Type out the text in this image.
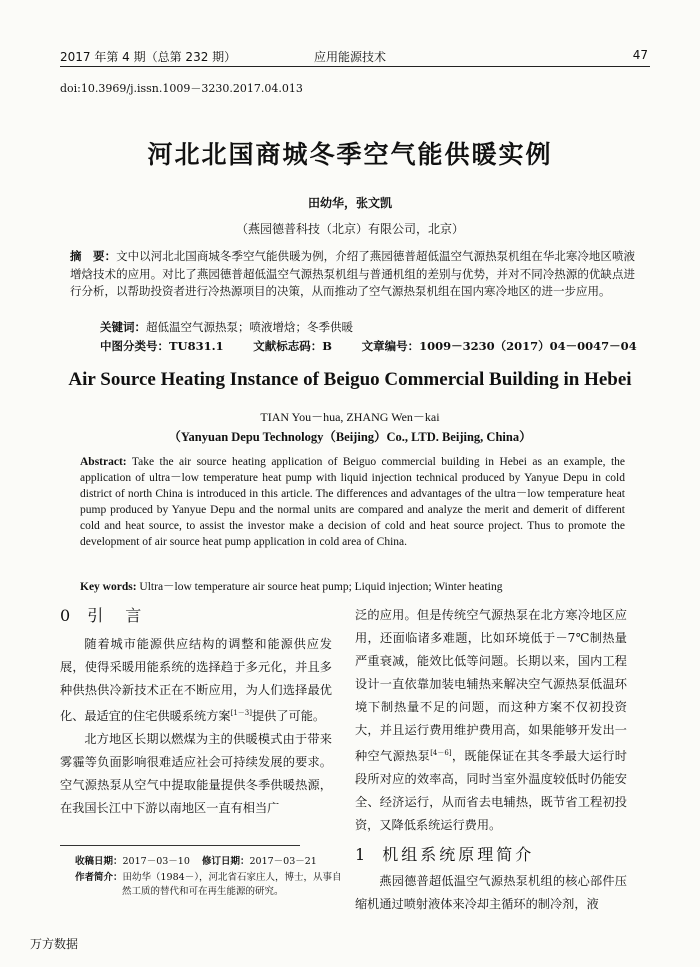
2017 年第 4 期（总第 232 期）	应用能源技术	47
doi:10.3969/j.issn.1009－3230.2017.04.013
河北北国商城冬季空气能供暖实例
田幼华，张文凯
（燕园德普科技（北京）有限公司，北京）
摘　要：文中以河北北国商城冬季空气能供暖为例，介绍了燕园德普超低温空气源热泵机组在华北寒冷地区喷液增焓技术的应用。对比了燕园德普超低温空气源热泵机组与普通机组的差别与优势，并对不同冷热源的优缺点进行分析，以帮助投资者进行冷热源项目的决策，从而推动了空气源热泵机组在国内寒冷地区的进一步应用。
关键词：超低温空气源热泵；喷液增焓；冬季供暖
中图分类号：TU831.1	文献标志码：B	文章编号：1009－3230（2017）04－0047－04
Air Source Heating Instance of Beiguo Commercial Building in Hebei
TIAN You－hua, ZHANG Wen－kai
（Yanyuan Depu Technology（Beijing）Co., LTD. Beijing, China）
Abstract: Take the air source heating application of Beiguo commercial building in Hebei as an example, the application of ultra－low temperature heat pump with liquid injection technical produced by Yanyue Depu in cold district of north China is introduced in this article. The differences and advantages of the ultra－low temperature heat pump produced by Yanyue Depu and the normal units are compared and analyze the merit and demerit of different cold and heat source, to assist the investor make a decision of cold and heat source project. Thus to promote the development of air source heat pump application in cold area of China.
Key words: Ultra－low temperature air source heat pump; Liquid injection; Winter heating
0 引　言

随着城市能源供应结构的调整和能源供应发展，使得采暖用能系统的选择趋于多元化，并且多种供热供冷新技术正在不断应用，为人们选择最优化、最适宜的住宅供暖系统方案[1－3]提供了可能。

北方地区长期以燃煤为主的供暖模式由于带来雾霾等负面影响很难适应社会可持续发展的要求。空气源热泵从空气中提取能量提供冬季供暖热源，在我国长江中下游以南地区一直有相当广

泛的应用。但是传统空气源热泵在北方寒冷地区应用，还面临诸多难题，比如环境低于－7℃制热量严重衰减，能效比低等问题。长期以来，国内工程设计一直依靠加装电辅热来解决空气源热泵低温环境下制热量不足的问题，而这种方案不仅初投资大，并且运行费用维护费用高，如果能够开发出一种空气源热泵[4－6]，既能保证在其冬季最大运行时段所对应的效率高，同时当室外温度较低时仍能安全、经济运行，从而省去电辅热，既节省工程初投资，又降低系统运行费用。

1 机组系统原理简介

燕园德普超低温空气源热泵机组的核心部件压缩机通过喷射液体来冷却主循环的制冷剂，液

收稿日期：2017－03－10 修订日期：2017－03－21
作者简介：田幼华（1984－），河北省石家庄人，博士，从事自
然工质的替代和可在再生能源的研究。
万方数据
